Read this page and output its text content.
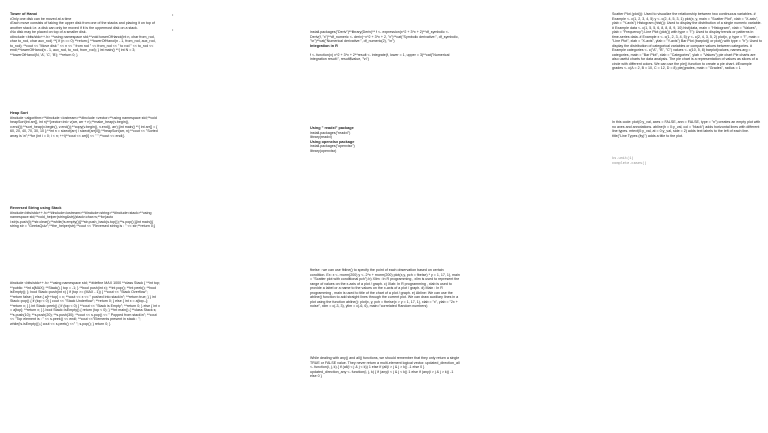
Tower of Hanoi

•Only one disk can be moved at a time
•Each move consists of taking the upper disk from one of the stacks and placing it on top of another stack i.e. a disk can only be moved if it is the uppermost disk on a stack.
•No disk may be placed on top of a smaller disk.

•#include <bits/stdc++.h> **using namespace std;**void towerOfHanoi(int n, char from_rod, char to_rod, char aux_rod) **{ if (n == 0) **return;} **towerOfHanoi(n - 1, from_rod, aux_rod, to_rod); **cout << "Move disk " << n << " from rod " << from_rod << " to rod " << to_rod << endl;**towerOfHanoi(n - 1, aux_rod, to_rod, from_rod); } int main() **{ int N = 3; **towerOfHanoi(N, 'A', 'C', 'B'); **return 0; }

Heap Sort

#include <algorithm>**#include <iostream>**#include <vector>**using namespace std;**void heapSort(int arr[], int n)**{vector<int> v(arr, arr + n);**make_heap(v.begin(), v.end());**sort_heap(v.begin(), v.end());**copy(v.begin(), v.end(), arr);}int main() **{ int arr[] = { 60, 20, 40, 70, 30, 10 };**int n = sizeof(arr) / sizeof(arr[0]);**heapSort(arr, n);**cout << "Sorted array is \n";**for (int i = 0; i < n; ++i)**cout << arr[i] << " ";**cout << endl;}

Reversed String using Stack

#include<bits/stdc++.h>**#include<iostream>**#include<string>**#include<stack>**using namespace std;**void_helper(string&str){stack<char>s;**for(auto i:str)s.push(i);**str.clear();**while(!s.empty()){**str.push_back(s.top());**s.pop();}}int main(){ string str = "GeeksQuiz";**the_helper(str);**cout << "Reversed string is : " << str;**return 0;}

#include <bits/stdc++.h> **using namespace std; **#define MAX 1000 **class Stack { **int top; **public: **int a[MAX]; **Stack() { top = -1; } **bool push(int x); **int pop(); **int peek(); **bool isEmpty(); }; bool Stack::push(int x) { if (top >= (MAX - 1)) { **cout << "Stack Overflow"; **return false; } else { a[++top] = x; **cout << x << " pushed into stack\n"; **return true; } } int Stack::pop() { if (top < 0) { cout << "Stack Underflow"; **return 0; } else { int x = a[top--]; **return x; } } int Stack::peek() { if (top < 0) { **cout << "Stack is Empty"; **return 0; } else { int x = a[top]; **return x; } } bool Stack::isEmpty() { return (top < 0); } **int main() { **class Stack s; **s.push(10); **s.push(20); **s.push(30); **cout << s.pop() << " Popped from stack\n"; **cout << "Top element is : " << s.peek() << endl; **cout <<"Elements present in stack : "; while(!s.isEmpty()) { cout << s.peek() <<" "; s.pop(); } return 0; }

•
•	install.packages("Deriv")**library(Deriv)** f <- expression(x^2 + 3*x + 2)**df_symbolic <- Deriv(f, "x")**df_numeric <- deriv(~x^2 + 3*x + 2, "x")**cat("Symbolic derivative:", df_symbolic, "\n")**cat("Numerical derivative:", df_numeric(2), "\n")

Integration in R

f <- function(x) x^2 + 3*x + 2**result <- integrate(f, lower = 1, upper = 3)**cat("Numerical integration result:", result$value, "\n")

Using " readxl" package

install.packages("readxl")
library(readxl)

Using openxlsx package

install.packages("openxlsx")
library(openxlsx)

fbelse : we can use fbline() to specify the point of each observation based on certain condition. Ex: x <- rnorm(200) y <- 2*x + rnorm(200) plot(x,y, pch = fbelse) * y = 1, 17, 1), main = "Scatter plot with conditional pch") b) Xlim : In R programming , xlim is used to represent the range of values on the x-axis of a plot / graph. c) Xlab: In R programming , xlab is used to provide a label or a name to the values on the x-axis of a plot / graph. d) Main : In R programming , main is used to title of the chart of a plot / graph. e) Abline: We can use the abline() function to add straight lines through the current plot. We can draw auxiliary lines in a plot using the function abline(): plot(x, y, pch = fbelse(x > y = 1, 17, 1), xlab = "x", ylab = "2x + noise", xlim = c(-3, 3), ylim = c(-6, 6), main="correlated Random numbers)

While dealing with any() and all() functions, we should remember that they only return a single TRUE or FALSE value. They never return a multi-element logical vector. updated_direction_all <- function(i, j, k) { if (all(i < j & j < k)) 1 else if (all(i > j & j > k)) -1 else 0 } updated_direction_any <- function(i, j, k) { if (any(i < j & j < k)) 1 else if (any(i > j & j > k)) -1 else 0 }

Scatter Plot (plot()): Used to visualize the relationship between two continuous variables. # Example <- c(1, 2, 3, 4, 5) y <- c(2, 4, 5, 3, 1) plot(x, y, main = "Scatter Plot", xlab = "X-axis", ylab = "Y-axis") Histogram (hist()): Used to display the distribution of a single numeric variable. # Example data <- c(1, 5, 5, 6, 8, 8, 8, 9, 10) hist(data, main = "Histogram", xlab = "Values", ylab = "Frequency") Line Plot (plot()) with type = "l"): Used to display trends or patterns in time-series data. # Example x <- c(1, 2, 3, 4, 5) y <- c(2, 4, 3, 5, 2) plot(x, y, type = "l", main = "Line Plot", xlab = "X-axis", ylab = "Y-axis") Bar Plot (barplot() or plot() with type = "h"): Used to display the distribution of categorical variables or compare values between categories. # Example categories <- c("A", "B", "C") values <- c(10, 5, 8) barplot(values, names.arg = categories, main = "Bar Plot", xlab = "Categories", ylab = "Values") pie chart Pie charts are also useful charts for data analysis. The pie chart is a representation of values as slices of a circle with different colors. We can use the pie() function to create a pie chart. #Example grades <- c(A = 2, B = 10, C = 12, D = 8) pie(grades, main = "Grades", radius = 1

In this code: plot(0:y_val, axes = FALSE, ann = FALSE, type = "n") creates an empty plot with no axes and annotations. abline(h = 0:y_val, col = "black") adds horizontal lines with different line types. mtext(0:y_val, at = 0:y_val, side = 2) adds text labels to the left of each line. title("Line Types (lty)") adds a title to the plot.

ks.unit(1)

complete.cases()
